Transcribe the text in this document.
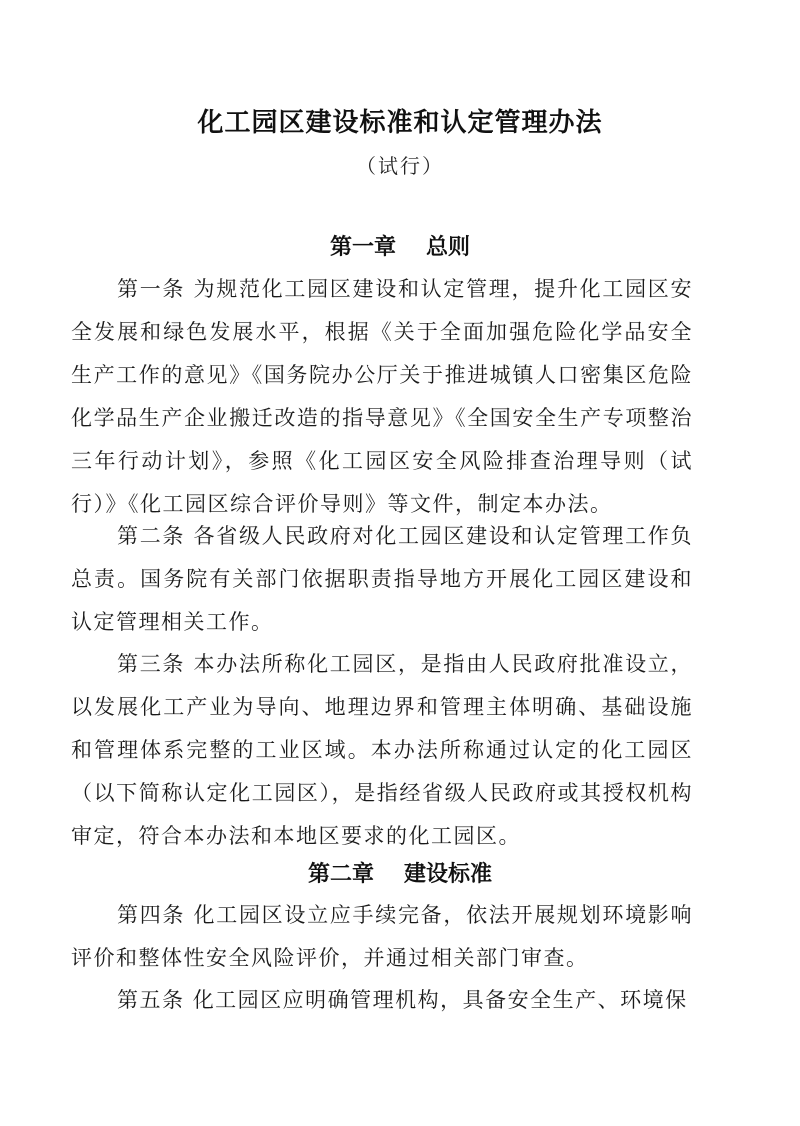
化工园区建设标准和认定管理办法
（试行）
第一章 总则
第一条 为规范化工园区建设和认定管理，提升化工园区安全发展和绿色发展水平，根据《关于全面加强危险化学品安全生产工作的意见》《国务院办公厅关于推进城镇人口密集区危险化学品生产企业搬迁改造的指导意见》《全国安全生产专项整治三年行动计划》，参照《化工园区安全风险排查治理导则（试行）》《化工园区综合评价导则》等文件，制定本办法。
第二条 各省级人民政府对化工园区建设和认定管理工作负总责。国务院有关部门依据职责指导地方开展化工园区建设和认定管理相关工作。
第三条 本办法所称化工园区，是指由人民政府批准设立，以发展化工产业为导向、地理边界和管理主体明确、基础设施和管理体系完整的工业区域。本办法所称通过认定的化工园区（以下简称认定化工园区），是指经省级人民政府或其授权机构审定，符合本办法和本地区要求的化工园区。
第二章 建设标准
第四条 化工园区设立应手续完备，依法开展规划环境影响评价和整体性安全风险评价，并通过相关部门审查。
第五条 化工园区应明确管理机构，具备安全生产、环境保
